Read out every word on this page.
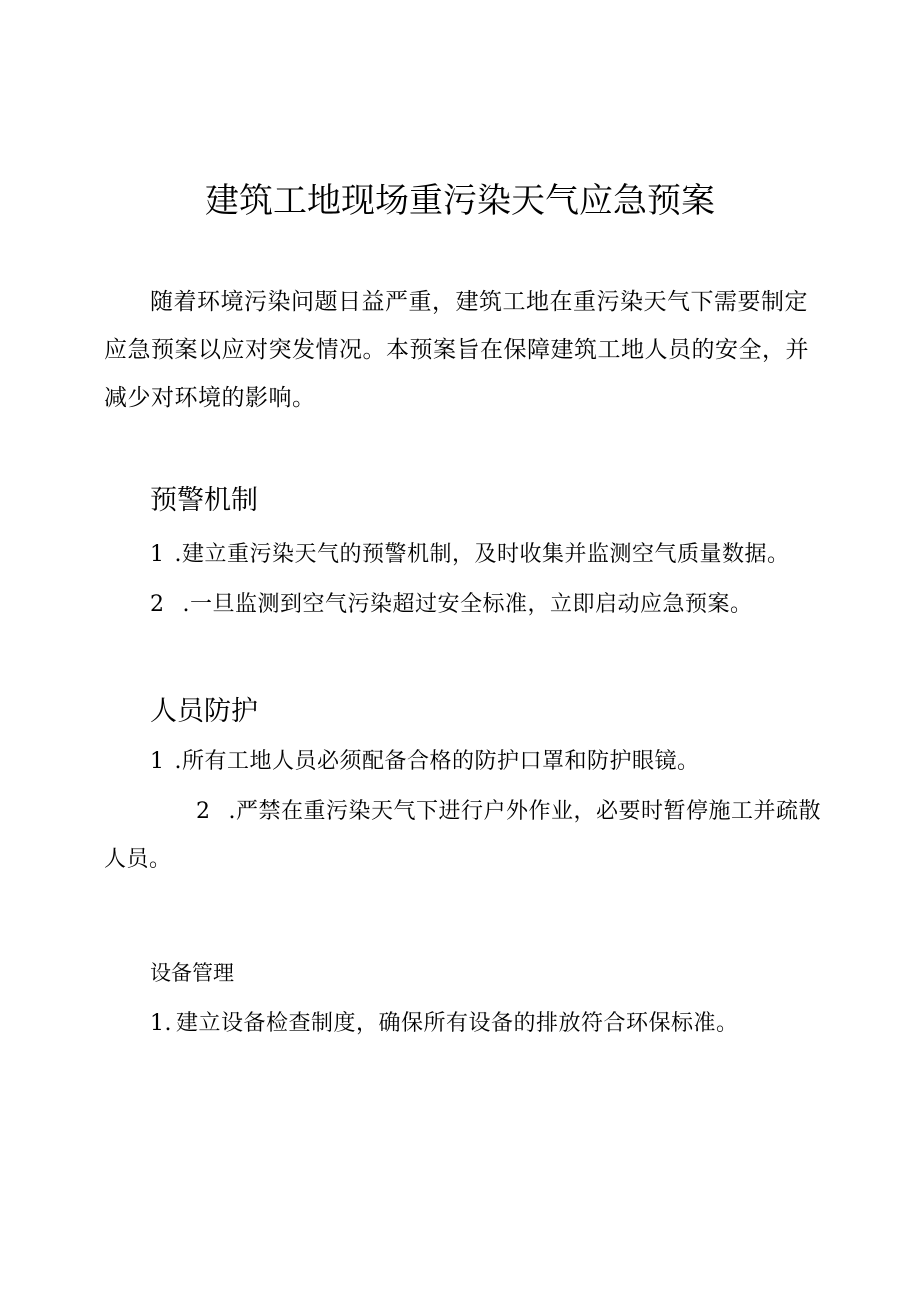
建筑工地现场重污染天气应急预案

随着环境污染问题日益严重，建筑工地在重污染天气下需要制定应急预案以应对突发情况。本预案旨在保障建筑工地人员的安全，并减少对环境的影响。

预警机制

1 .建立重污染天气的预警机制，及时收集并监测空气质量数据。

2 .一旦监测到空气污染超过安全标准，立即启动应急预案。

人员防护

1 .所有工地人员必须配备合格的防护口罩和防护眼镜。

2 .严禁在重污染天气下进行户外作业，必要时暂停施工并疏散人员。

设备管理

1. 建立设备检查制度，确保所有设备的排放符合环保标准。
